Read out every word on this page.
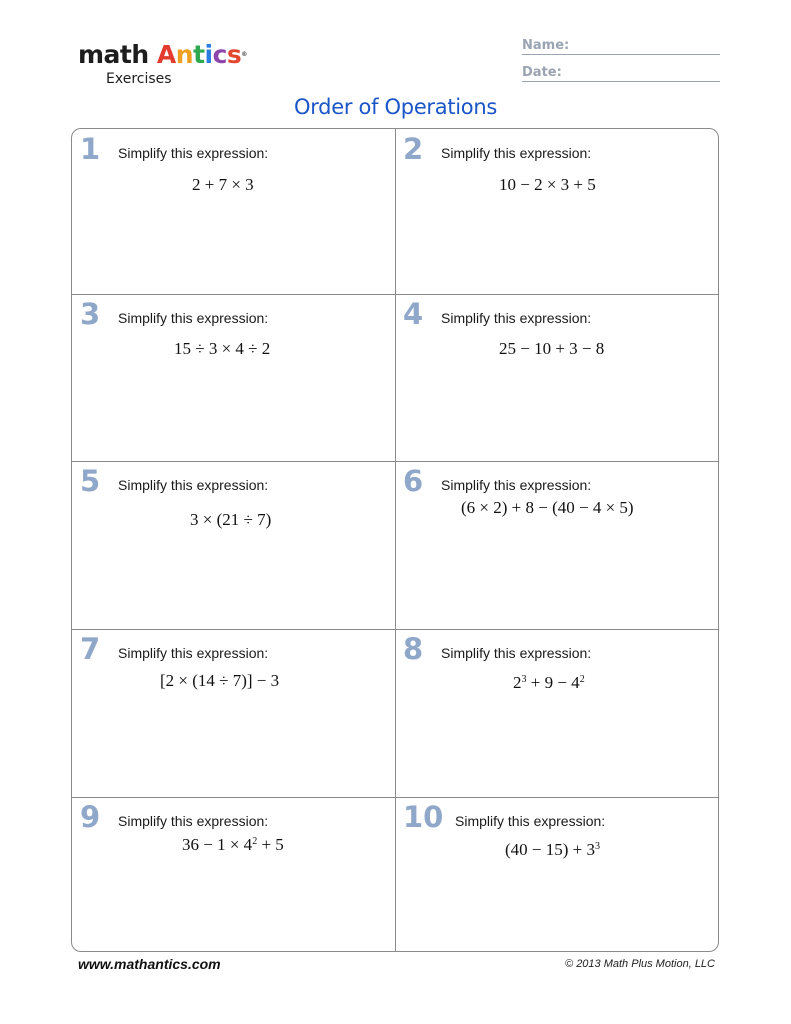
math Antics®
Exercises
Name:
Date:
Order of Operations
1 Simplify this expression:
2 + 7 × 3
2 Simplify this expression:
10 − 2 × 3 + 5
3 Simplify this expression:
15 ÷ 3 × 4 ÷ 2
4 Simplify this expression:
25 − 10 + 3 − 8
5 Simplify this expression:
3 × (21 ÷ 7)
6 Simplify this expression:
(6 × 2) + 8 − (40 − 4 × 5)
7 Simplify this expression:
[2 × (14 ÷ 7)] − 3
8 Simplify this expression:
$2^3 + 9 - 4^2$
9 Simplify this expression:
$36 - 1 \times 4^2 + 5$
10 Simplify this expression:
$(40 - 15) + 3^3$
www.mathantics.com	© 2013 Math Plus Motion, LLC
